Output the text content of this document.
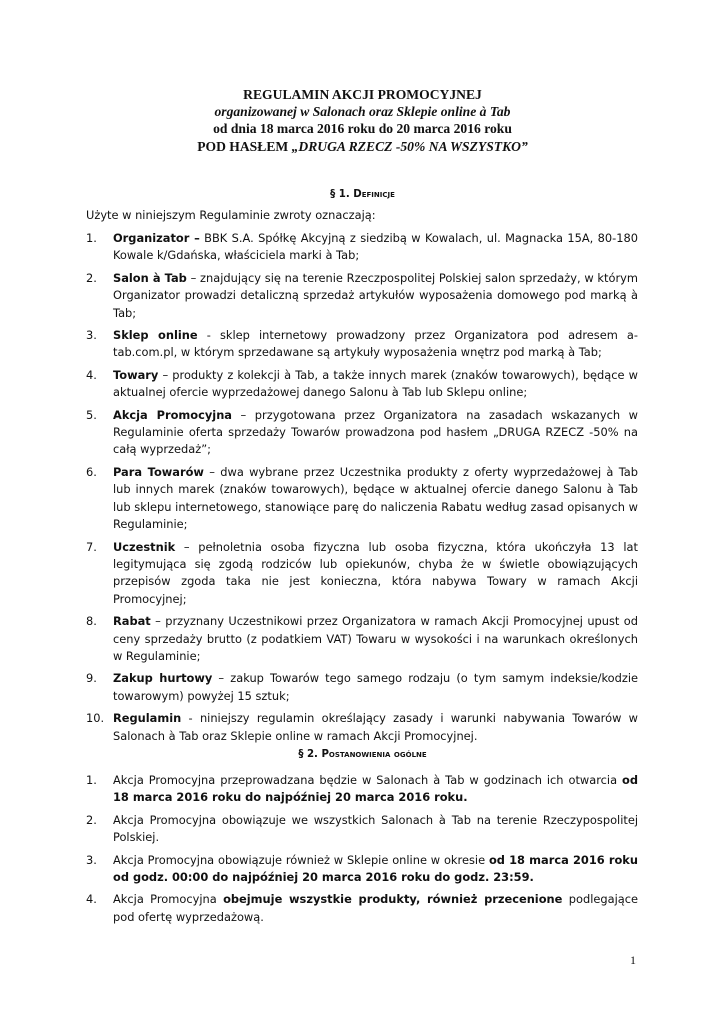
REGULAMIN AKCJI PROMOCYJNEJ
organizowanej w Salonach oraz Sklepie online à Tab
od dnia 18 marca 2016 roku do 20 marca 2016 roku
POD HASŁEM „DRUGA RZECZ -50% NA WSZYSTKO”
§ 1. Definicje
Użyte w niniejszym Regulaminie zwroty oznaczają:
1. Organizator – BBK S.A. Spółkę Akcyjną z siedzibą w Kowalach, ul. Magnacka 15A, 80-180 Kowale k/Gdańska, właściciela marki à Tab;
2. Salon à Tab – znajdujący się na terenie Rzeczpospolitej Polskiej salon sprzedaży, w którym Organizator prowadzi detaliczną sprzedaż artykułów wyposażenia domowego pod marką à Tab;
3. Sklep online - sklep internetowy prowadzony przez Organizatora pod adresem a-tab.com.pl, w którym sprzedawane są artykuły wyposażenia wnętrz pod marką à Tab;
4. Towary – produkty z kolekcji à Tab, a także innych marek (znaków towarowych), będące w aktualnej ofercie wyprzedażowej danego Salonu à Tab lub Sklepu online;
5. Akcja Promocyjna – przygotowana przez Organizatora na zasadach wskazanych w Regulaminie oferta sprzedaży Towarów prowadzona pod hasłem „DRUGA RZECZ -50% na całą wyprzedaż”;
6. Para Towarów – dwa wybrane przez Uczestnika produkty z oferty wyprzedażowej à Tab lub innych marek (znaków towarowych), będące w aktualnej ofercie danego Salonu à Tab lub sklepu internetowego, stanowiące parę do naliczenia Rabatu według zasad opisanych w Regulaminie;
7. Uczestnik – pełnoletnia osoba fizyczna lub osoba fizyczna, która ukończyła 13 lat legitymująca się zgodą rodziców lub opiekunów, chyba że w świetle obowiązujących przepisów zgoda taka nie jest konieczna, która nabywa Towary w ramach Akcji Promocyjnej;
8. Rabat – przyznany Uczestnikowi przez Organizatora w ramach Akcji Promocyjnej upust od ceny sprzedaży brutto (z podatkiem VAT) Towaru w wysokości i na warunkach określonych w Regulaminie;
9. Zakup hurtowy – zakup Towarów tego samego rodzaju (o tym samym indeksie/kodzie towarowym) powyżej 15 sztuk;
10. Regulamin - niniejszy regulamin określający zasady i warunki nabywania Towarów w Salonach à Tab oraz Sklepie online w ramach Akcji Promocyjnej.
§ 2. Postanowienia ogólne
1. Akcja Promocyjna przeprowadzana będzie w Salonach à Tab w godzinach ich otwarcia od 18 marca 2016 roku do najpóźniej 20 marca 2016 roku.
2. Akcja Promocyjna obowiązuje we wszystkich Salonach à Tab na terenie Rzeczypospolitej Polskiej.
3. Akcja Promocyjna obowiązuje również w Sklepie online w okresie od 18 marca 2016 roku od godz. 00:00 do najpóźniej 20 marca 2016 roku do godz. 23:59.
4. Akcja Promocyjna obejmuje wszystkie produkty, również przecenione podlegające pod ofertę wyprzedażową.
1
